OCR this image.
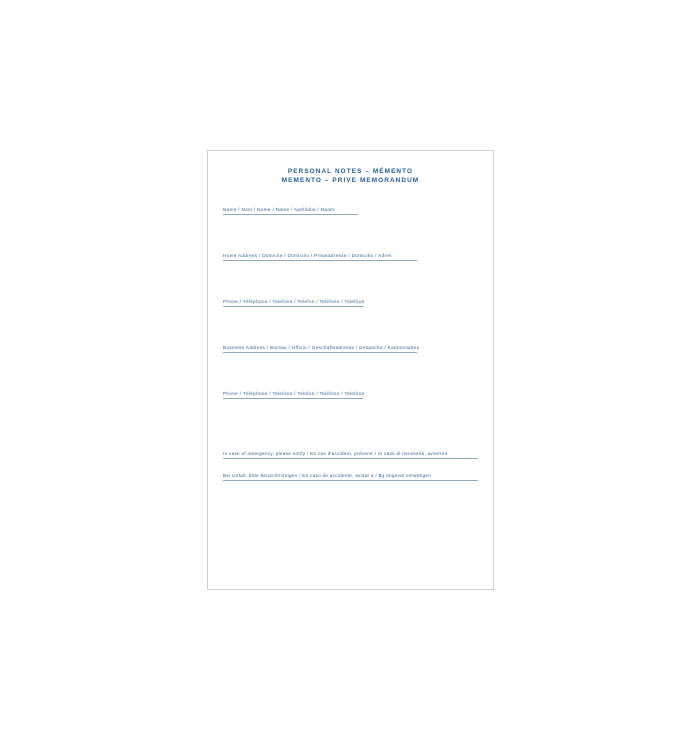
PERSONAL NOTES – MÉMENTO
MEMENTO – PRIVE MEMORANDUM
Name / Nom / Nome / Name / Apellidos / Naam
Home Address / Domicile / Domicilio / Privatadresse / Domicilio / Adres
Phone / Téléphone / Telefono / Telefon / Teléfono / Telefoon
Business Address / Bureau / Ufficio / Geschäftsadresse / Despacho / Kantooradres
Phone / Téléphone / Telefono / Telefon / Teléfono / Telefoon
In case of emergency, please notify / En cas d'accident, prévenir / In caso di necessità, avvertire
Bei Unfall, bitte benachrichtigen / En caso de accidente, avisar a / Bij ongeval verwittigen
